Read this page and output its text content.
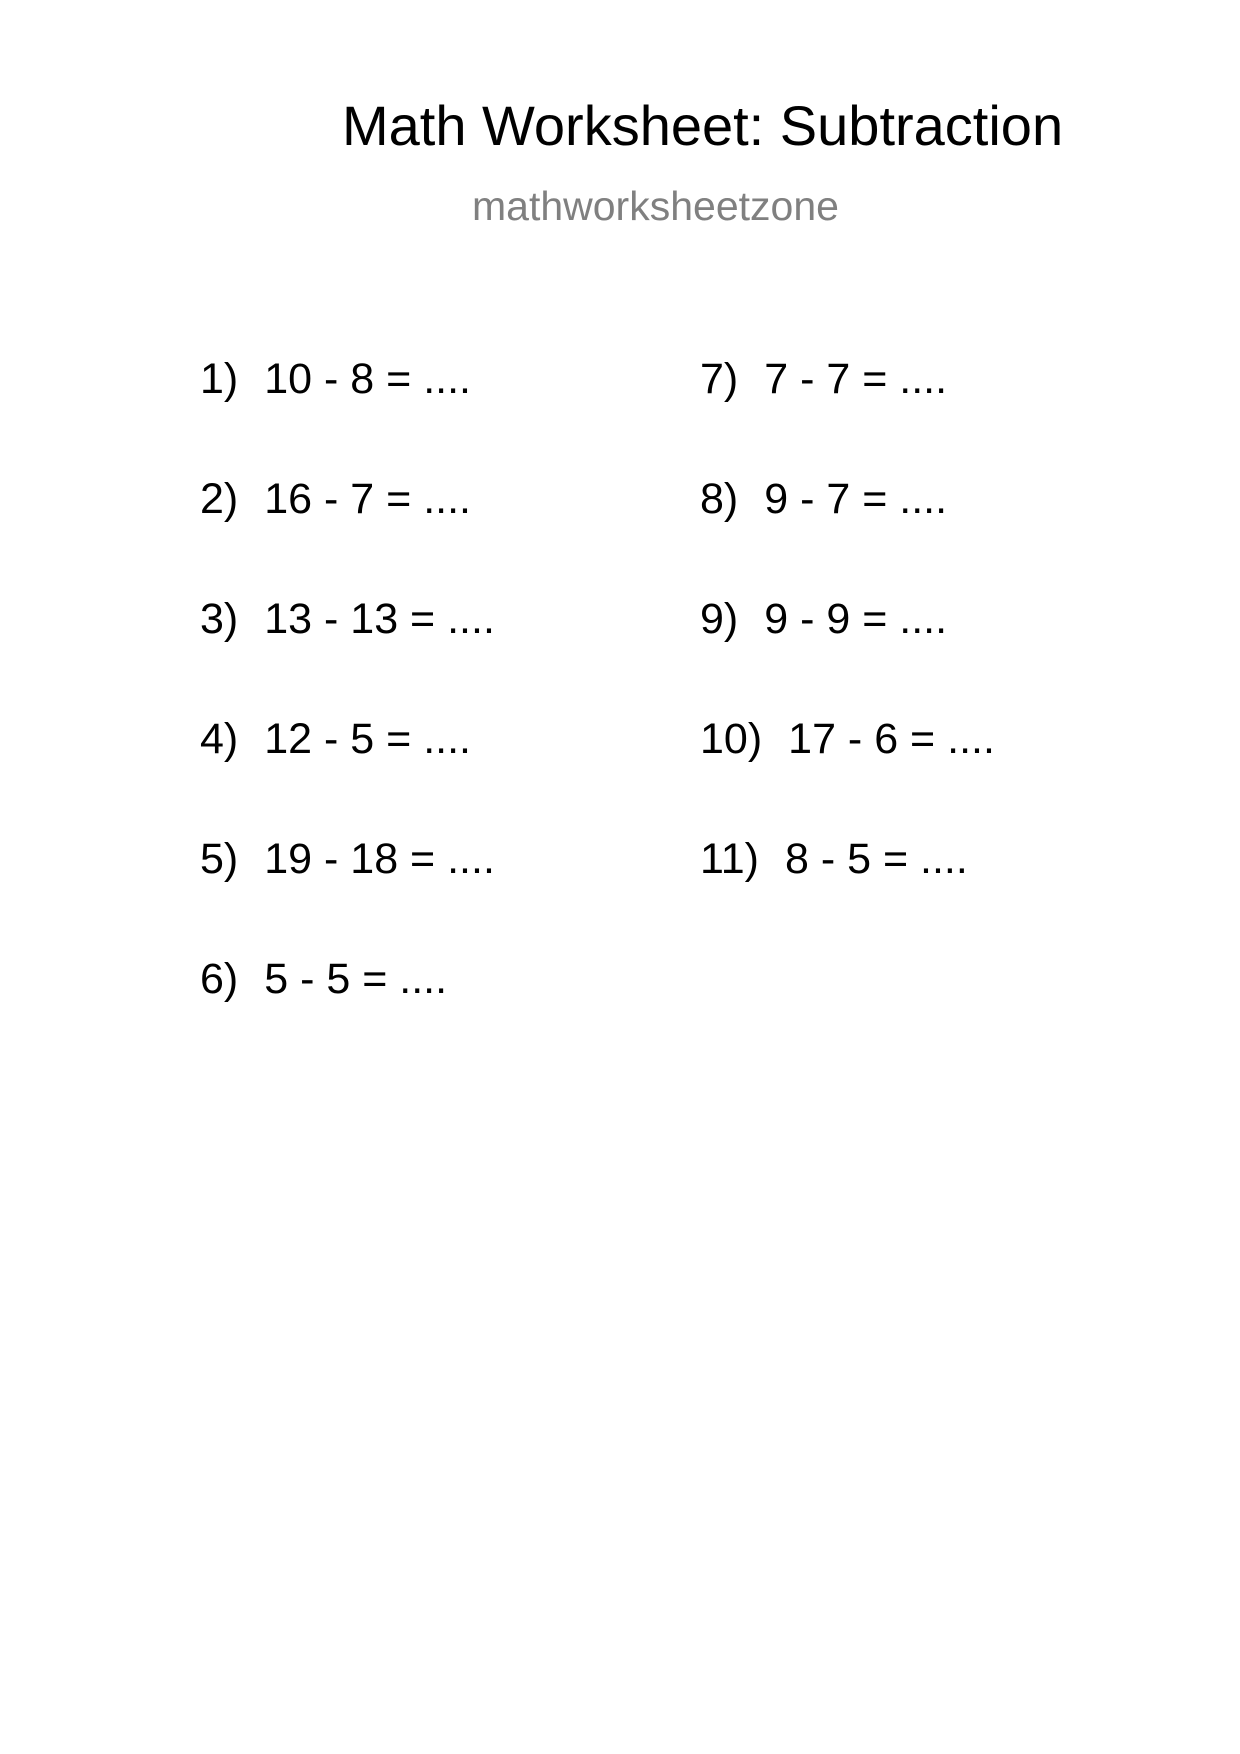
Math Worksheet: Subtraction
mathworksheetzone
1) 10 - 8 = ....
2) 16 - 7 = ....
3) 13 - 13 = ....
4) 12 - 5 = ....
5) 19 - 18 = ....
6) 5 - 5 = ....
7) 7 - 7 = ....
8) 9 - 7 = ....
9) 9 - 9 = ....
10) 17 - 6 = ....
11) 8 - 5 = ....
